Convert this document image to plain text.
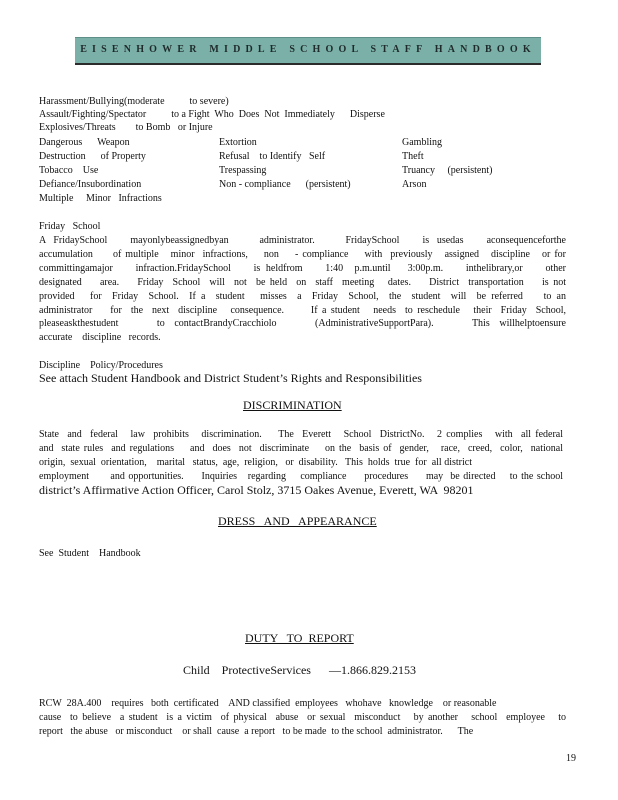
EISENHOWER MIDDLE SCHOOL STAFF HANDBOOK
Harassment/Bullying(moderate          to severe)
Assault/Fighting/Spectator          to a Fight  Who  Does  Not  Immediately      Disperse
Explosives/Threats        to Bomb   or Injure
Dangerous      Weapon	Extortion	Gambling
Destruction      of Property	Refusal    to Identify   Self	Theft
Tobacco    Use	Trespassing	Truancy     (persistent)
Defiance/Insubordination	Non - compliance      (persistent)	Arson
Multiple     Minor   Infractions
Friday   School
A FridaySchool   mayonlybeassignedbyan    administrator.    FridaySchool   is usedas   aconsequenceforthe
accumulation     of multiple   minor  infractions,    non    - compliance    with  previously   assigned   discipline   or for
committingamajor    infraction.FridaySchool    is heldfrom    1:40  p.m.until   3:00p.m.    inthelibrary,or    other
designated    area.    Friday  School  will  not  be held  on  staff  meeting   dates.    District  transportation    is not
provided   for  Friday  School.  If a  student   misses  a  Friday  School,  the  student  will  be referred    to an
administrator    for  the  next  discipline   consequence.      If a student   needs  to reschedule   their  Friday  School,
pleaseaskthestudent    to contactBrandyCracchiolo    (AdministrativeSupportPara).    This willhelptoensure
accurate    discipline   records.
Discipline    Policy/Procedures
See attach Student Handbook and District Student’s Rights and Responsibilities
DISCRIMINATION
State  and  federal   law  prohibits   discrimination.    The  Everett   School  DistrictNo.   2 complies   with  all federal
and  state rules  and regulations    and  does  not  discriminate    on the  basis of  gender,   race,  creed,  color,  national
origin,  sexual  orientation,    marital   status,  age,  religion,   or  disability.   This  holds  true  for  all district
employment      and opportunities.     Inquiries   regarding    compliance     procedures     may  be directed    to the school
district’s Affirmative Action Officer, Carol Stolz, 3715 Oakes Avenue, Everett, WA  98201
DRESS   AND   APPEARANCE
See  Student    Handbook
DUTY   TO  REPORT
Child    ProtectiveServices      —1.866.829.2153
RCW  28A.400    requires   both  certificated    AND classified  employees   whohave   knowledge    or reasonable
cause  to believe  a student  is a victim  of physical  abuse  or sexual  misconduct   by another   school  employee   to
report   the abuse   or misconduct    or shall  cause  a report   to be made  to the school  administrator.      The
19
